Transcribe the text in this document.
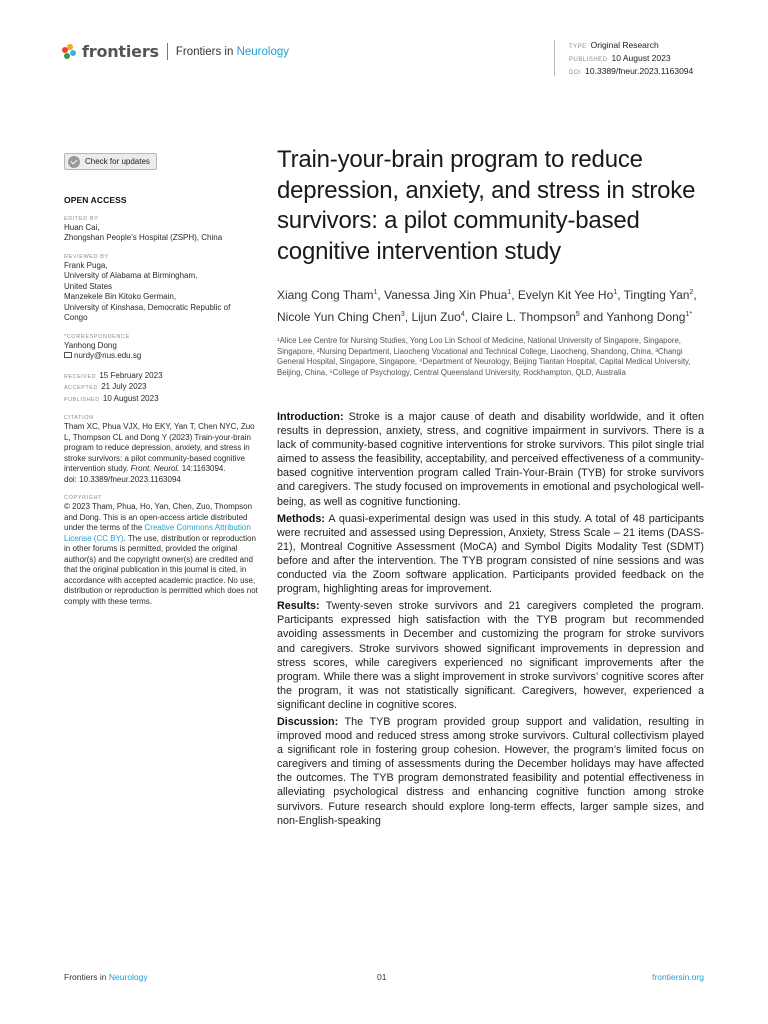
frontiers Frontiers in Neurology	TYPE Original Research
PUBLISHED 10 August 2023
DOI 10.3389/fneur.2023.1163094
Check for updates
OPEN ACCESS
EDITED BY
Huan Cai,
Zhongshan People’s Hospital (ZSPH), China
REVIEWED BY
Frank Puga,
University of Alabama at Birmingham,
United States
Manzekele Bin Kitoko Germain,
University of Kinshasa, Democratic Republic of
Congo
*CORRESPONDENCE
Yanhong Dong
nurdy@nus.edu.sg
RECEIVED 15 February 2023
ACCEPTED 21 July 2023
PUBLISHED 10 August 2023
CITATION
Tham XC, Phua VJX, Ho EKY, Yan T, Chen NYC, Zuo L, Thompson CL and Dong Y (2023) Train-your-brain program to reduce depression, anxiety, and stress in stroke survivors: a pilot community-based cognitive intervention study. Front. Neurol. 14:1163094.
doi: 10.3389/fneur.2023.1163094
COPYRIGHT
© 2023 Tham, Phua, Ho, Yan, Chen, Zuo, Thompson and Dong. This is an open-access article distributed under the terms of the Creative Commons Attribution License (CC BY). The use, distribution or reproduction in other forums is permitted, provided the original author(s) and the copyright owner(s) are credited and that the original publication in this journal is cited, in accordance with accepted academic practice. No use, distribution or reproduction is permitted which does not comply with these terms.
Train-your-brain program to reduce depression, anxiety, and stress in stroke survivors: a pilot community-based cognitive intervention study
Xiang Cong Tham$^1$, Vanessa Jing Xin Phua$^1$, Evelyn Kit Yee Ho$^1$, Tingting Yan$^2$, Nicole Yun Ching Chen$^3$, Lijun Zuo$^4$, Claire L. Thompson$^5$ and Yanhong Dong$^{1*}$
¹Alice Lee Centre for Nursing Studies, Yong Loo Lin School of Medicine, National University of Singapore, Singapore, Singapore, ²Nursing Department, Liaocheng Vocational and Technical College, Liaocheng, Shandong, China, ³Changi General Hospital, Singapore, Singapore, ⁴Department of Neurology, Beijing Tiantan Hospital, Capital Medical University, Beijing, China, ⁵College of Psychology, Central Queensland University, Rockhampton, QLD, Australia

Introduction: Stroke is a major cause of death and disability worldwide, and it often results in depression, anxiety, stress, and cognitive impairment in survivors. There is a lack of community-based cognitive interventions for stroke survivors. This pilot single trial aimed to assess the feasibility, acceptability, and perceived effectiveness of a community-based cognitive intervention program called Train-Your-Brain (TYB) for stroke survivors and caregivers. The study focused on improvements in emotional and psychological well-being, as well as cognitive functioning.

Methods: A quasi-experimental design was used in this study. A total of 48 participants were recruited and assessed using Depression, Anxiety, Stress Scale – 21 items (DASS-21), Montreal Cognitive Assessment (MoCA) and Symbol Digits Modality Test (SDMT) before and after the intervention. The TYB program consisted of nine sessions and was conducted via the Zoom software application. Participants provided feedback on the program, highlighting areas for improvement.

Results: Twenty-seven stroke survivors and 21 caregivers completed the program. Participants expressed high satisfaction with the TYB program but recommended avoiding assessments in December and customizing the program for stroke survivors and caregivers. Stroke survivors showed significant improvements in depression and stress scores, while caregivers experienced no significant improvements after the program. While there was a slight improvement in stroke survivors’ cognitive scores after the program, it was not statistically significant. Caregivers, however, experienced a significant decline in cognitive scores.

Discussion: The TYB program provided group support and validation, resulting in improved mood and reduced stress among stroke survivors. Cultural collectivism played a significant role in fostering group cohesion. However, the program’s limited focus on caregivers and timing of assessments during the December holidays may have affected the outcomes. The TYB program demonstrated feasibility and potential effectiveness in alleviating psychological distress and enhancing cognitive function among stroke survivors. Future research should explore long-term effects, larger sample sizes, and non-English-speaking

Frontiers in Neurology	01	frontiersin.org
